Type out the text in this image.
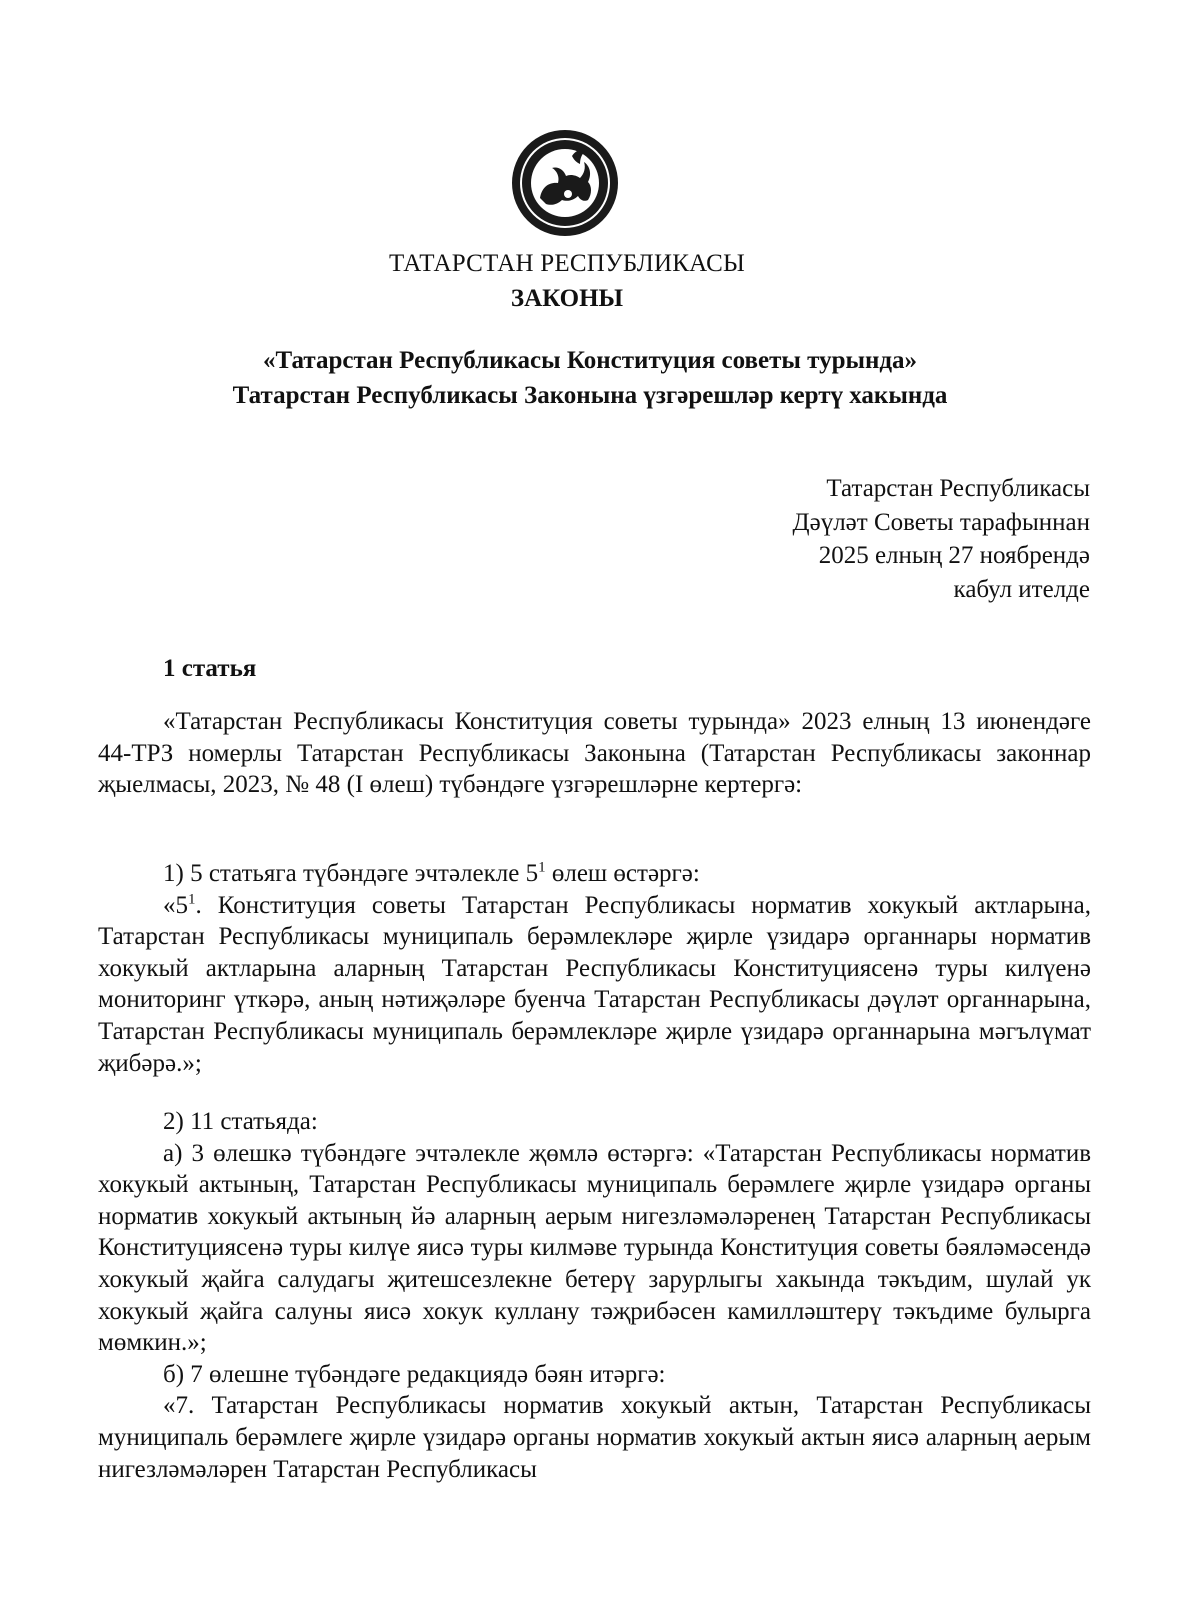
ТАТАРСТАН РЕСПУБЛИКАСЫ
ЗАКОНЫ
«Татарстан Республикасы Конституция советы турында»
Татарстан Республикасы Законына үзгәрешләр кертү хакында
Татарстан Республикасы
Дәүләт Советы тарафыннан
2025 елның 27 ноябрендә
кабул ителде
1 статья

«Татарстан Республикасы Конституция советы турында» 2023 елның 13 июнендәге 44-ТРЗ номерлы Татарстан Республикасы Законына (Татарстан Республикасы законнар җыелмасы, 2023, № 48 (I өлеш) түбәндәге үзгәрешләрне кертергә:

1) 5 статьяга түбәндәге эчтәлекле $5^1$ өлеш өстәргә:
«$5^1$. Конституция советы Татарстан Республикасы норматив хокукый актларына, Татарстан Республикасы муниципаль берәмлекләре җирле үзидарә органнары норматив хокукый актларына аларның Татарстан Республикасы Конституциясенә туры килүенә мониторинг үткәрә, аның нәтиҗәләре буенча Татарстан Республикасы дәүләт органнарына, Татарстан Республикасы муниципаль берәмлекләре җирле үзидарә органнарына мәгълүмат җибәрә.»;
2) 11 статьяда:
а) 3 өлешкә түбәндәге эчтәлекле җөмлә өстәргә: «Татарстан Республикасы норматив хокукый актының, Татарстан Республикасы муниципаль берәмлеге җирле үзидарә органы норматив хокукый актының йә аларның аерым нигезләмәләренең Татарстан Республикасы Конституциясенә туры килүе яисә туры килмәве турында Конституция советы бәяләмәсендә хокукый җайга салудагы җитешсезлекне бетерү зарурлыгы хакында тәкъдим, шулай ук хокукый җайга салуны яисә хокук куллану тәҗрибәсен камилләштерү тәкъдиме булырга мөмкин.»;
б) 7 өлешне түбәндәге редакциядә бәян итәргә:
«7. Татарстан Республикасы норматив хокукый актын, Татарстан Республикасы муниципаль берәмлеге җирле үзидарә органы норматив хокукый актын яисә аларның аерым нигезләмәләрен Татарстан Республикасы
